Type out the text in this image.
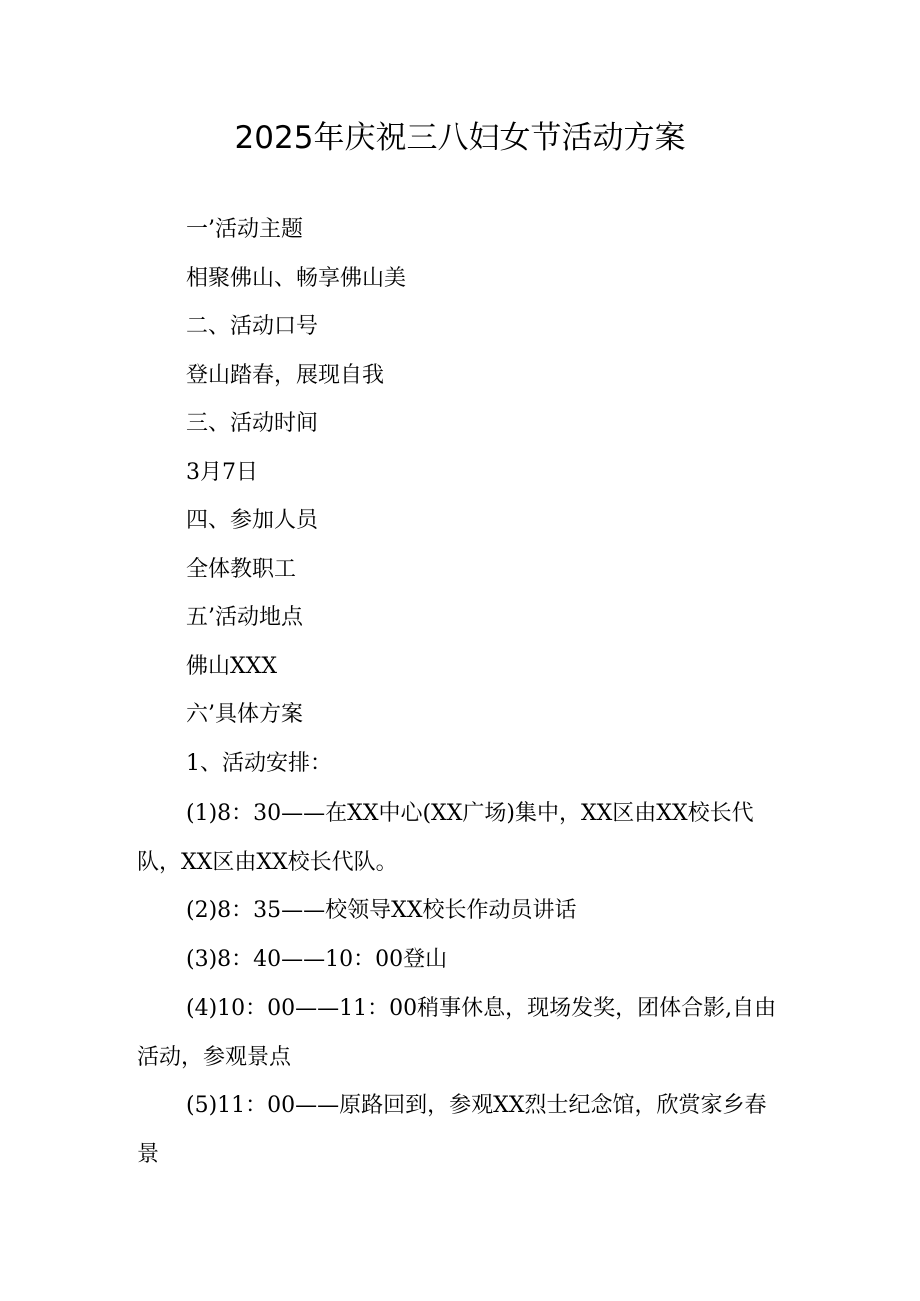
2025年庆祝三八妇女节活动方案

一’活动主题

相聚佛山、畅享佛山美

二、活动口号

登山踏春，展现自我

三、活动时间

3月7日

四、参加人员

全体教职工

五’活动地点

佛山XXX

六’具体方案

1、活动安排：

(1)8：30——在XX中心(XX广场)集中，XX区由XX校长代队，XX区由XX校长代队。

(2)8：35——校领导XX校长作动员讲话

(3)8：40——10：00登山

(4)10：00——11：00稍事休息，现场发奖，团体合影,自由活动，参观景点

(5)11：00——原路回到，参观XX烈士纪念馆，欣赏家乡春景
